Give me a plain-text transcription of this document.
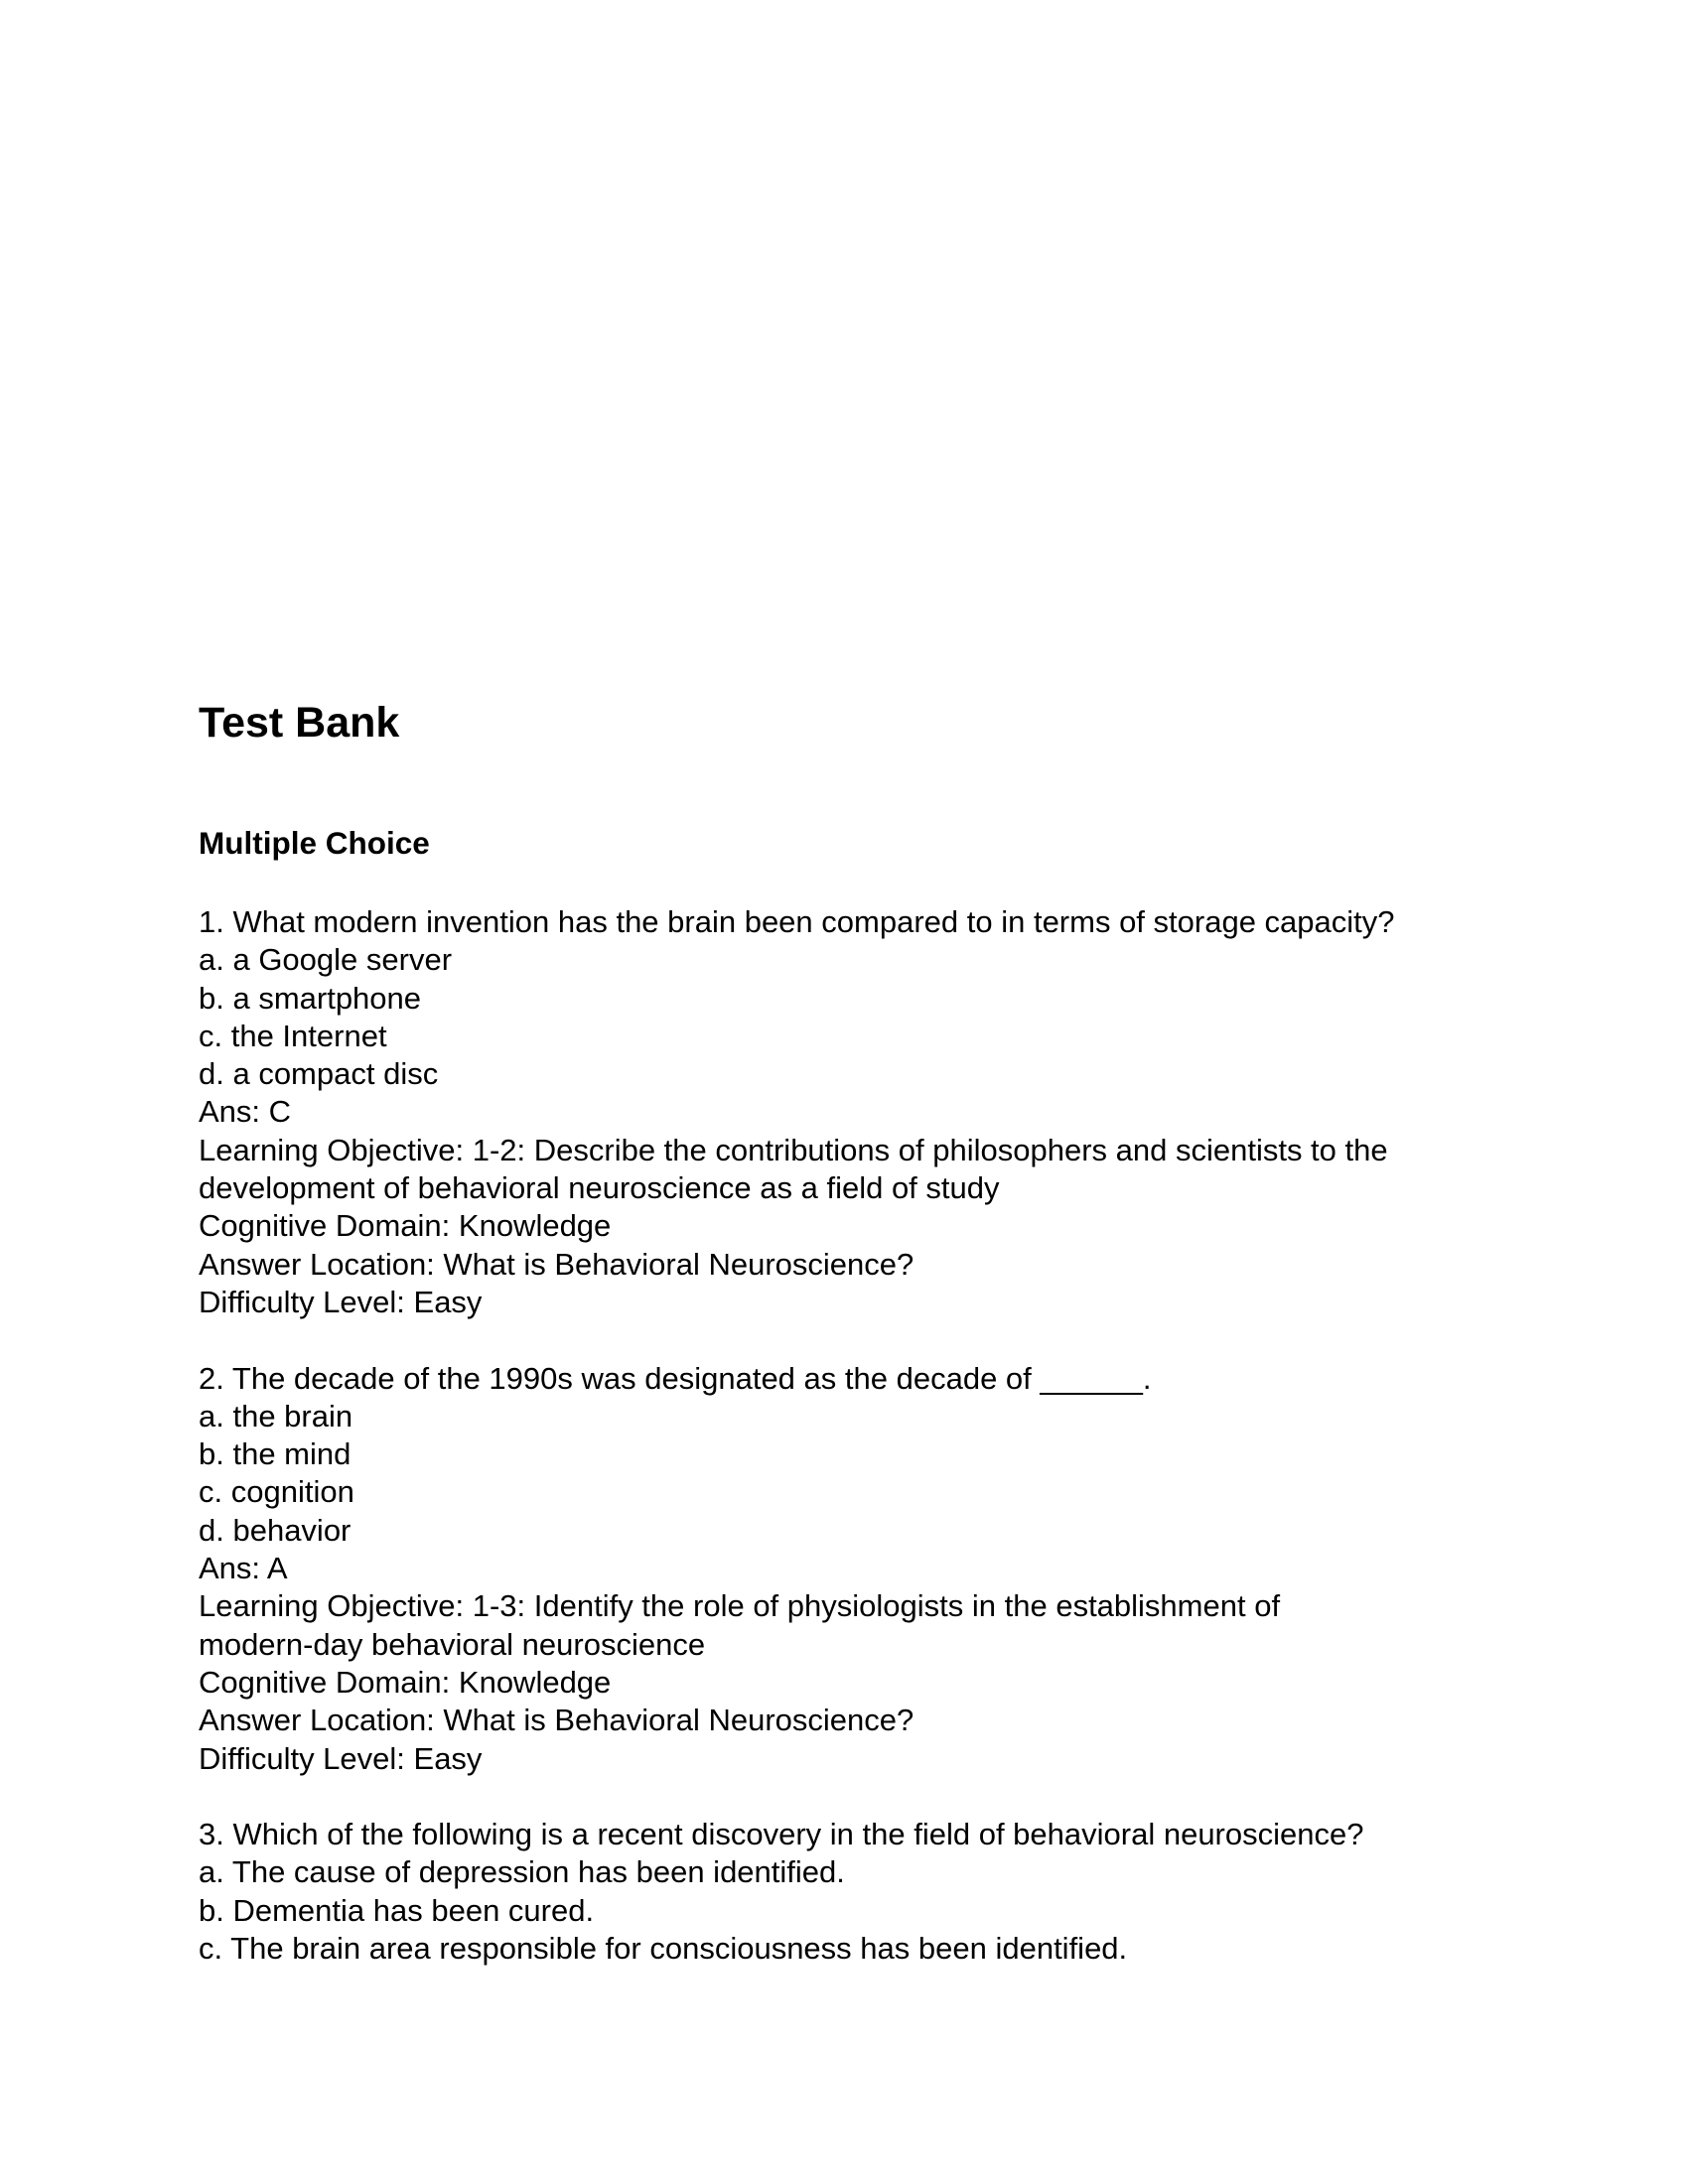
Test Bank
Multiple Choice
1. What modern invention has the brain been compared to in terms of storage capacity?
a. a Google server
b. a smartphone
c. the Internet
d. a compact disc
Ans: C
Learning Objective: 1-2: Describe the contributions of philosophers and scientists to the
development of behavioral neuroscience as a field of study
Cognitive Domain: Knowledge
Answer Location: What is Behavioral Neuroscience?
Difficulty Level: Easy
2. The decade of the 1990s was designated as the decade of ______.
a. the brain
b. the mind
c. cognition
d. behavior
Ans: A
Learning Objective: 1-3: Identify the role of physiologists in the establishment of
modern-day behavioral neuroscience
Cognitive Domain: Knowledge
Answer Location: What is Behavioral Neuroscience?
Difficulty Level: Easy
3. Which of the following is a recent discovery in the field of behavioral neuroscience?
a. The cause of depression has been identified.
b. Dementia has been cured.
c. The brain area responsible for consciousness has been identified.
